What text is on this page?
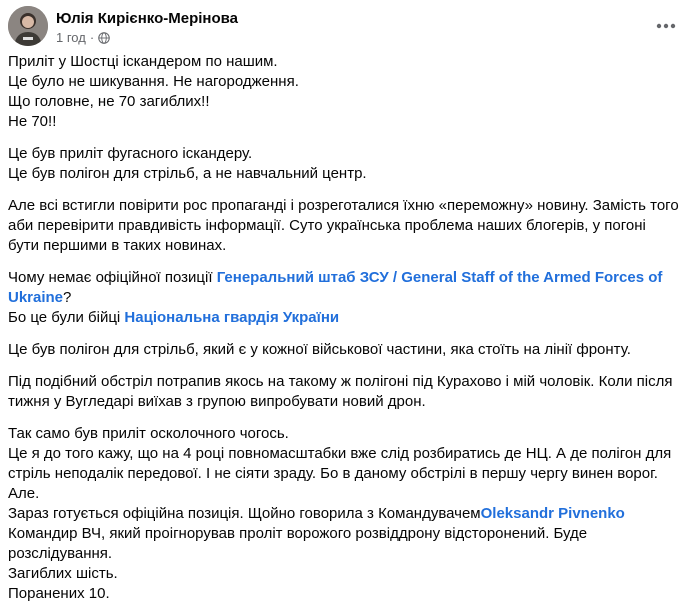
Юлія Кирієнко-Мерінова
1 год ·

Приліт у Шостці іскандером по нашим.
Це було не шикування. Не нагородження.
Що головне, не 70 загиблих!!
Не 70!!

Це був приліт фугасного іскандеру.
Це був полігон для стрільб, а не навчальний центр.

Але всі встигли повірити рос пропаганді і розреготалися їхню «переможну» новину. Замість того аби перевірити правдивість інформації. Суто українська проблема наших блогерів, у погоні бути першими в таких новинах.

Чому немає офіційної позиції Генеральний штаб ЗСУ / General Staff of the Armed Forces of Ukraine?
Бо це були бійці Національна гвардія України

Це був полігон для стрільб, який є у кожної військової частини, яка стоїть на лінії фронту.

Під подібний обстріл потрапив якось на такому ж полігоні під Курахово і мій чоловік. Коли після тижня у Вугледарі виїхав з групою випробувати новий дрон.

Так само був приліт осколочного чогось.
Це я до того кажу, що на 4 році повномасштабки вже слід розбиратись де НЦ. А де полігон для стріль неподалік передової. І не сіяти зраду. Бо в даному обстрілі в першу чергу винен ворог.
Але.
Зараз готується офіційна позиція. Щойно говорила з КомандувачемOleksandr Pivnenko
Командир ВЧ, який проігнорував проліт ворожого розвіддрону відсторонений. Буде розслідування.
Загиблих шість.
Поранених 10.
